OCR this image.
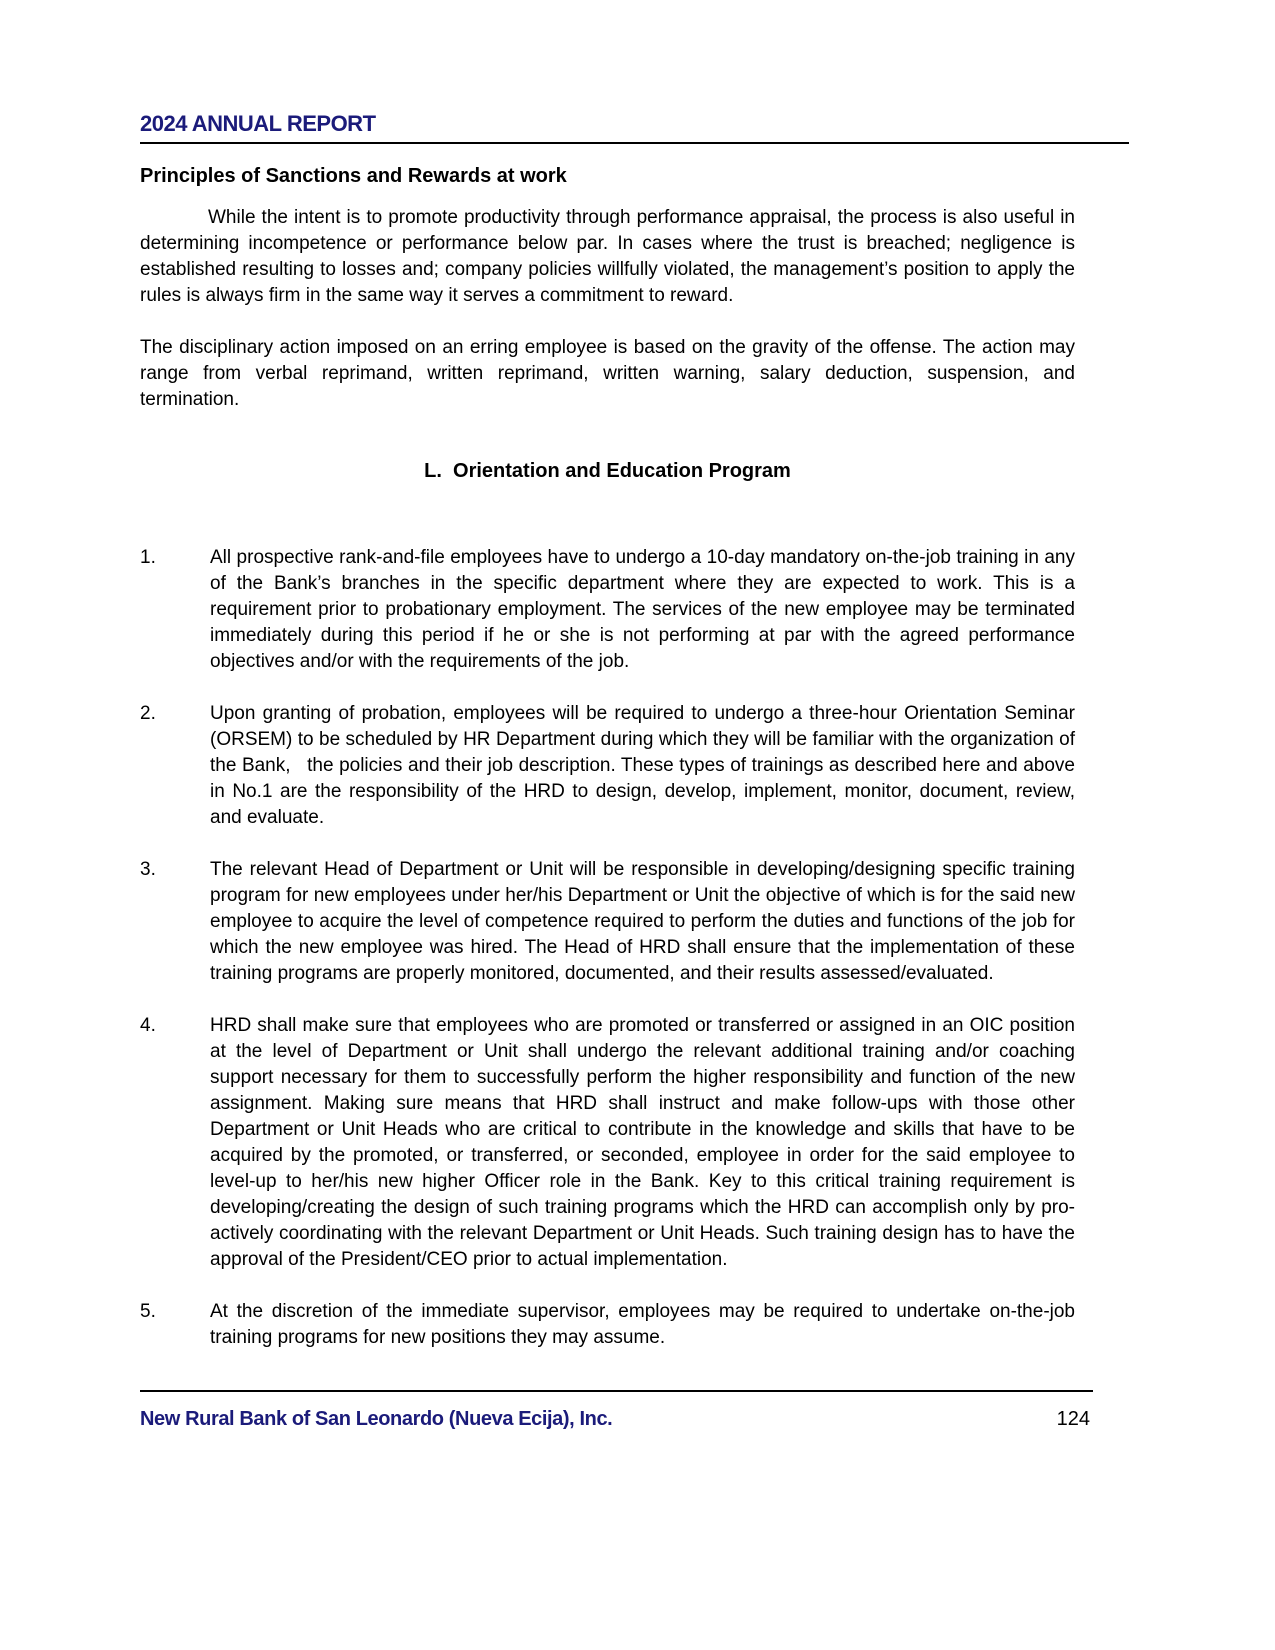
2024 ANNUAL REPORT
Principles of Sanctions and Rewards at work

While the intent is to promote productivity through performance appraisal, the process is also useful in determining incompetence or performance below par. In cases where the trust is breached; negligence is established resulting to losses and; company policies willfully violated, the management’s position to apply the rules is always firm in the same way it serves a commitment to reward.

The disciplinary action imposed on an erring employee is based on the gravity of the offense. The action may range from verbal reprimand, written reprimand, written warning, salary deduction, suspension, and termination.

L.  Orientation and Education Program
1.	All prospective rank-and-file employees have to undergo a 10-day mandatory on-the-job training in any of the Bank’s branches in the specific department where they are expected to work. This is a requirement prior to probationary employment. The services of the new employee may be terminated immediately during this period if he or she is not performing at par with the agreed performance objectives and/or with the requirements of the job.

2.	Upon granting of probation, employees will be required to undergo a three-hour Orientation Seminar (ORSEM) to be scheduled by HR Department during which they will be familiar with the organization of the Bank,   the policies and their job description. These types of trainings as described here and above in No.1 are the responsibility of the HRD to design, develop, implement, monitor, document, review, and evaluate.

3.	The relevant Head of Department or Unit will be responsible in developing/designing specific training program for new employees under her/his Department or Unit the objective of which is for the said new employee to acquire the level of competence required to perform the duties and functions of the job for which the new employee was hired. The Head of HRD shall ensure that the implementation of these training programs are properly monitored, documented, and their results assessed/evaluated.

4.	HRD shall make sure that employees who are promoted or transferred or assigned in an OIC position at the level of Department or Unit shall undergo the relevant additional training and/or coaching support necessary for them to successfully perform the higher responsibility and function of the new assignment. Making sure means that HRD shall instruct and make follow-ups with those other Department or Unit Heads who are critical to contribute in the knowledge and skills that have to be acquired by the promoted, or transferred, or seconded, employee in order for the said employee to level-up to her/his new higher Officer role in the Bank. Key to this critical training requirement is developing/creating the design of such training programs which the HRD can accomplish only by pro-actively coordinating with the relevant Department or Unit Heads. Such training design has to have the approval of the President/CEO prior to actual implementation.

5.	At the discretion of the immediate supervisor, employees may be required to undertake on-the-job training programs for new positions they may assume.

New Rural Bank of San Leonardo (Nueva Ecija), Inc.	124
